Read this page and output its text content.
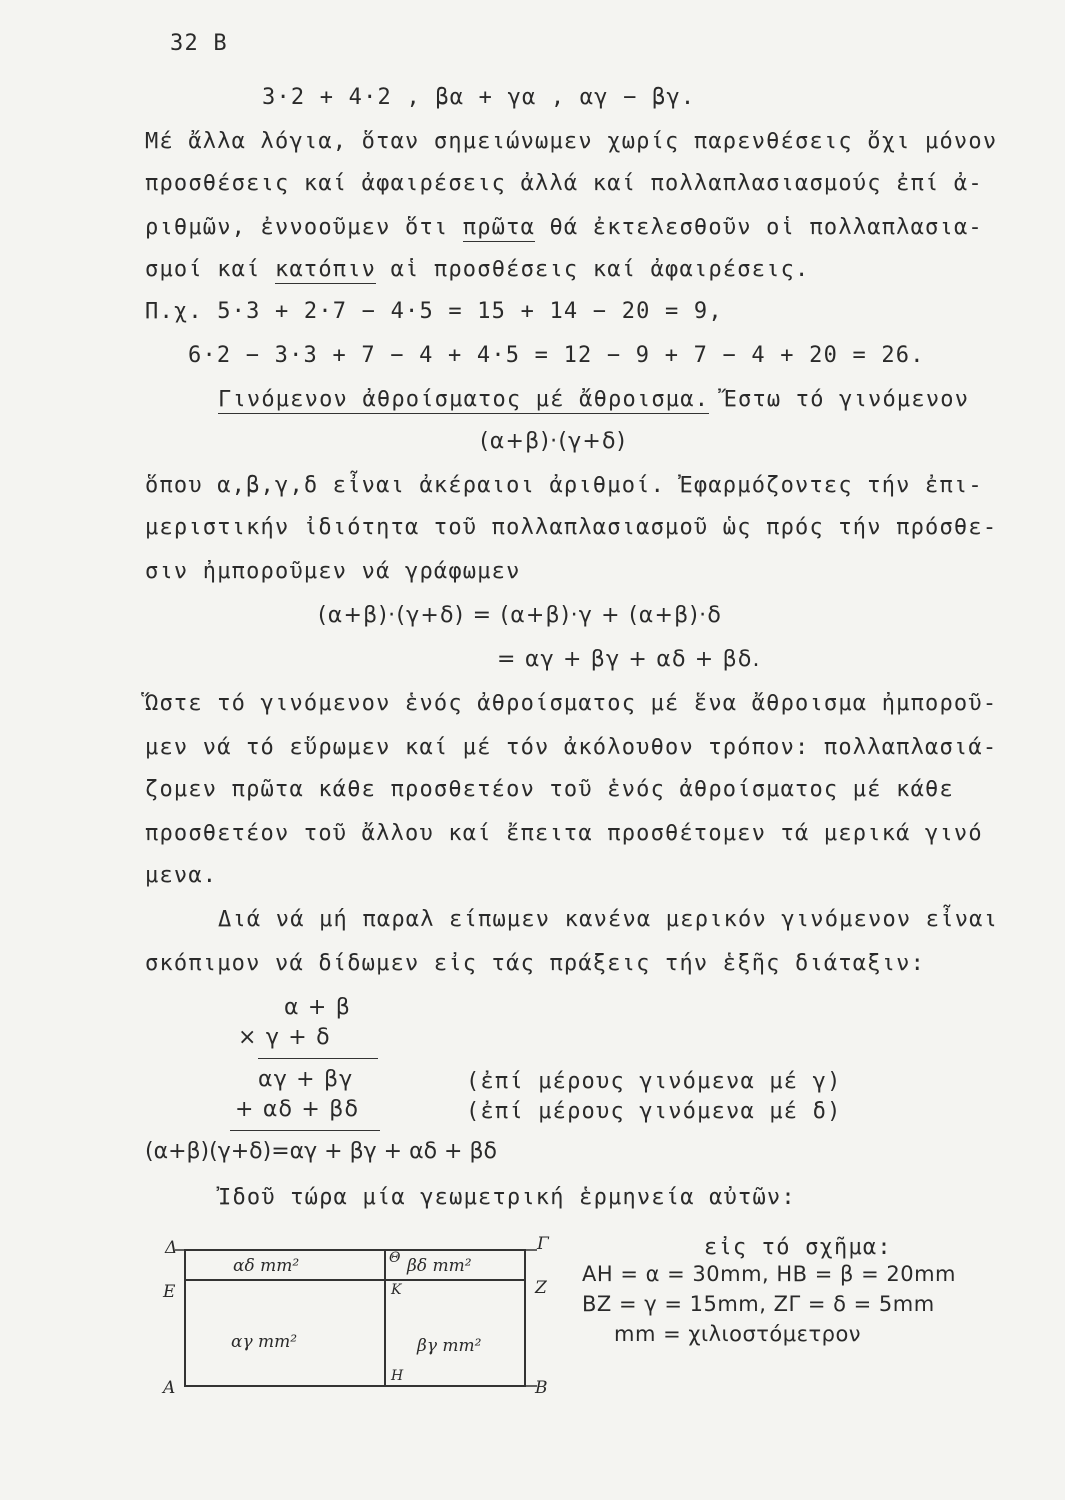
32 B
3·2 + 4·2 , βα + γα , αγ − βγ.
Μέ ἄλλα λόγια, ὅταν σημειώνωμεν χωρίς παρενθέσεις ὄχι μόνον
προσθέσεις καί ἀφαιρέσεις ἀλλά καί πολλαπλασιασμούς ἐπί ἀ-
ριθμῶν, ἐννοοῦμεν ὅτι πρῶτα θά ἐκτελεσθοῦν οἱ πολλαπλασια-
σμοί καί κατόπιν αἱ προσθέσεις καί ἀφαιρέσεις.
Π.χ. 5·3 + 2·7 − 4·5 = 15 + 14 − 20 = 9,
6·2 − 3·3 + 7 − 4 + 4·5 = 12 − 9 + 7 − 4 + 20 = 26.
Γινόμενον ἀθροίσματος μέ ἄθροισμα. Ἔστω τό γινόμενον
(α+β)·(γ+δ)
ὅπου α,β,γ,δ εἶναι ἀκέραιοι ἀριθμοί. Ἐφαρμόζοντες τήν ἐπι-
μεριστικήν ἰδιότητα τοῦ πολλαπλασιασμοῦ ὡς πρός τήν πρόσθε-
σιν ἠμποροῦμεν νά γράφωμεν
(α+β)·(γ+δ) = (α+β)·γ + (α+β)·δ
= αγ + βγ + αδ + βδ.
Ὥστε τό γινόμενον ἑνός ἀθροίσματος μέ ἕνα ἄθροισμα ἠμποροῦ-
μεν νά τό εὕρωμεν καί μέ τόν ἀκόλουθον τρόπον: πολλαπλασιά-
ζομεν πρῶτα κάθε προσθετέον τοῦ ἑνός ἀθροίσματος μέ κάθε
προσθετέον τοῦ ἄλλου καί ἔπειτα προσθέτομεν τά μερικά γινό
μενα.
Διά νά μή παραλ είπωμεν κανένα μερικόν γινόμενον εἶναι
σκόπιμον νά δίδωμεν εἰς τάς πράξεις τήν ἑξῆς διάταξιν:
α + β
× γ + δ
αγ + βγ	(ἐπί μέρους γινόμενα μέ γ)
+ αδ + βδ	(ἐπί μέρους γινόμενα μέ δ)
(α+β)(γ+δ)=αγ + βγ + αδ + βδ
Ἰδοῦ τώρα μία γεωμετρική ἑρμηνεία αὐτῶν:
Δ
Ε
Α
Γ
Ζ
Β
Θ
Κ
Η
αδ mm²	βδ mm²
αγ mm²	βγ mm²
εἰς τό σχῆμα:
ΑΗ = α = 30mm, ΗΒ = β = 20mm
ΒΖ = γ = 15mm, ΖΓ = δ = 5mm
mm = χιλιοστόμετρον
